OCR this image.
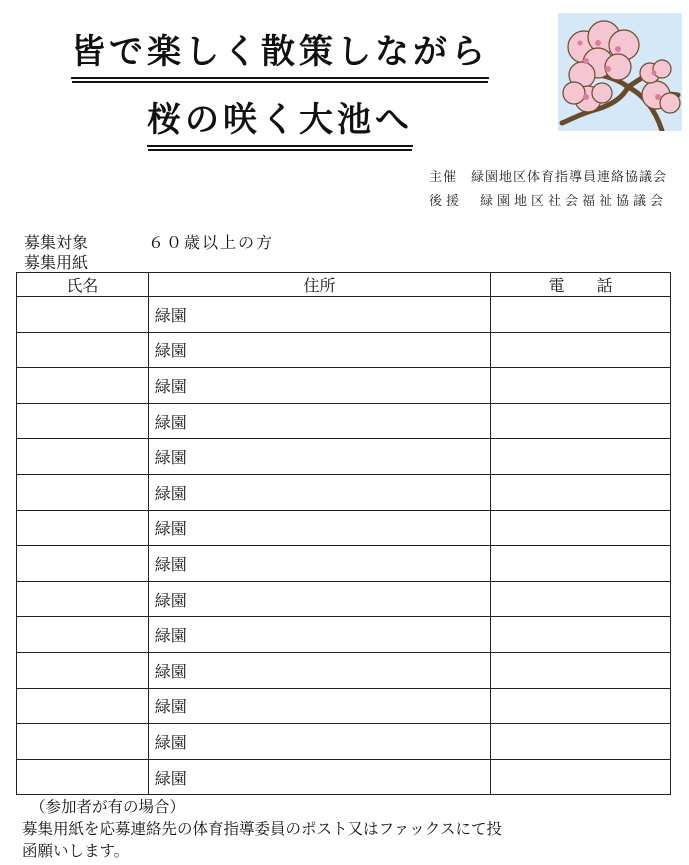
皆で楽しく散策しながら
桜の咲く大池へ
主催　緑園地区体育指導員連絡協議会
後援　緑園地区社会福祉協議会
募集対象	６０歳以上の方
募集用紙
氏名	住所	電　　話
	緑園	
	緑園	
	緑園	
	緑園	
	緑園	
	緑園	
	緑園	
	緑園	
	緑園	
	緑園	
	緑園	
	緑園	
	緑園	
	緑園	
（参加者が有の場合）
募集用紙を応募連絡先の体育指導委員のポスト又はファックスにて投
函願いします。
